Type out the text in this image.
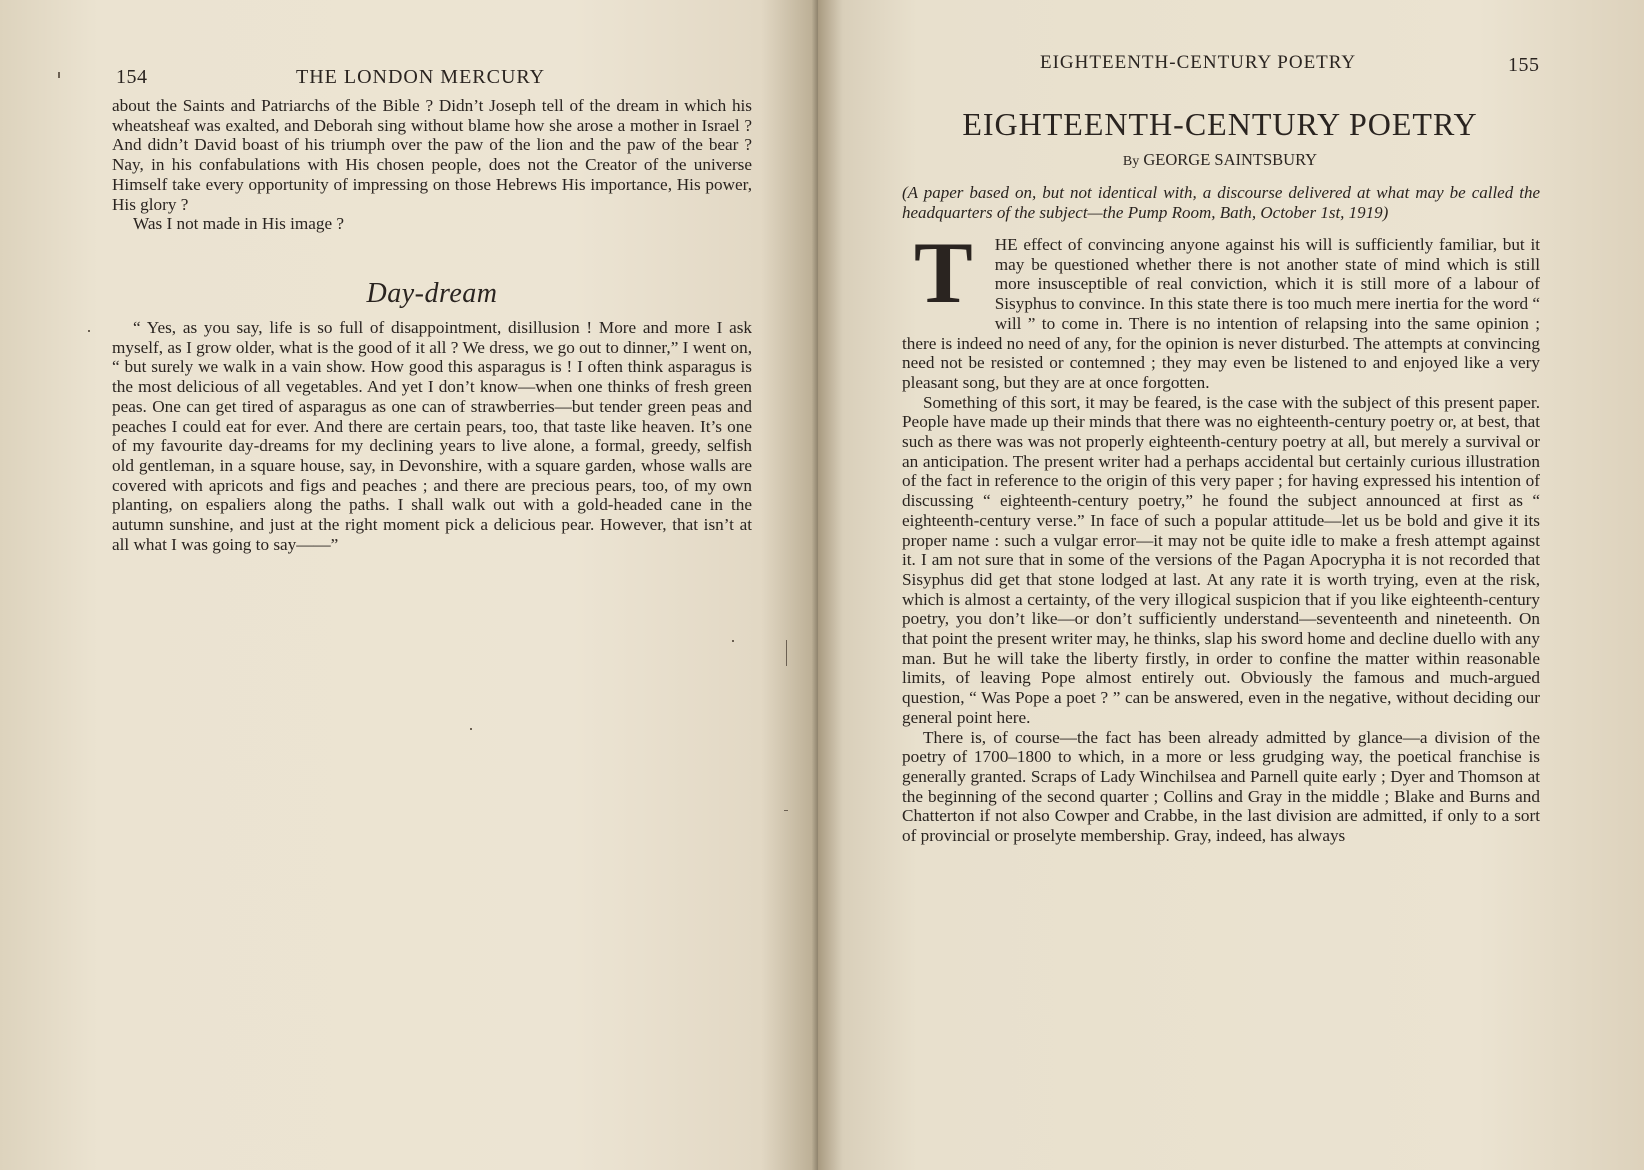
154	THE LONDON MERCURY

about the Saints and Patriarchs of the Bible ? Didn’t Joseph tell of the dream in which his wheatsheaf was exalted, and Deborah sing without blame how she arose a mother in Israel ? And didn’t David boast of his triumph over the paw of the lion and the paw of the bear ? Nay, in his confabulations with His chosen people, does not the Creator of the universe Himself take every opportunity of impressing on those Hebrews His importance, His power, His glory ?

Was I not made in His image ?

Day-dream

“ Yes, as you say, life is so full of disappointment, disillusion ! More and more I ask myself, as I grow older, what is the good of it all ? We dress, we go out to dinner,” I went on, “ but surely we walk in a vain show. How good this asparagus is ! I often think asparagus is the most delicious of all vegetables. And yet I don’t know—when one thinks of fresh green peas. One can get tired of asparagus as one can of strawberries—but tender green peas and peaches I could eat for ever. And there are certain pears, too, that taste like heaven. It’s one of my favourite day-dreams for my declining years to live alone, a formal, greedy, selfish old gentleman, in a square house, say, in Devonshire, with a square garden, whose walls are covered with apricots and figs and peaches ; and there are precious pears, too, of my own planting, on espaliers along the paths. I shall walk out with a gold-headed cane in the autumn sunshine, and just at the right moment pick a delicious pear. However, that isn’t at all what I was going to say——”

EIGHTEENTH-CENTURY POETRY	155
EIGHTEENTH-CENTURY POETRY
By GEORGE SAINTSBURY
(A paper based on, but not identical with, a discourse delivered at what may be called the headquarters of the subject—the Pump Room, Bath, October 1st, 1919)

T	HE effect of convincing anyone against his will is sufficiently familiar, but it may be questioned whether there is not another state of mind which is still more insusceptible of real conviction, which it is still more of a labour of Sisyphus to convince. In this state there is too much mere inertia for the word “ will ” to come in. There is no intention of relapsing into the same opinion ; there is indeed no need of any, for the opinion is never disturbed. The attempts at convincing need not be resisted or contemned ; they may even be listened to and enjoyed like a very pleasant song, but they are at once forgotten.

Something of this sort, it may be feared, is the case with the subject of this present paper. People have made up their minds that there was no eighteenth-century poetry or, at best, that such as there was was not properly eighteenth-century poetry at all, but merely a survival or an anticipation. The present writer had a perhaps accidental but certainly curious illustration of the fact in reference to the origin of this very paper ; for having expressed his intention of discussing “ eighteenth-century poetry,” he found the subject announced at first as “ eighteenth-century verse.” In face of such a popular attitude—let us be bold and give it its proper name : such a vulgar error—it may not be quite idle to make a fresh attempt against it. I am not sure that in some of the versions of the Pagan Apocrypha it is not recorded that Sisyphus did get that stone lodged at last. At any rate it is worth trying, even at the risk, which is almost a certainty, of the very illogical suspicion that if you like eighteenth-century poetry, you don’t like—or don’t sufficiently understand—seventeenth and nineteenth. On that point the present writer may, he thinks, slap his sword home and decline duello with any man. But he will take the liberty firstly, in order to confine the matter within reasonable limits, of leaving Pope almost entirely out. Obviously the famous and much-argued question, “ Was Pope a poet ? ” can be answered, even in the negative, without deciding our general point here.

There is, of course—the fact has been already admitted by glance—a division of the poetry of 1700–1800 to which, in a more or less grudging way, the poetical franchise is generally granted. Scraps of Lady Winchilsea and Parnell quite early ; Dyer and Thomson at the beginning of the second quarter ; Collins and Gray in the middle ; Blake and Burns and Chatterton if not also Cowper and Crabbe, in the last division are admitted, if only to a sort of provincial or proselyte membership. Gray, indeed, has always
